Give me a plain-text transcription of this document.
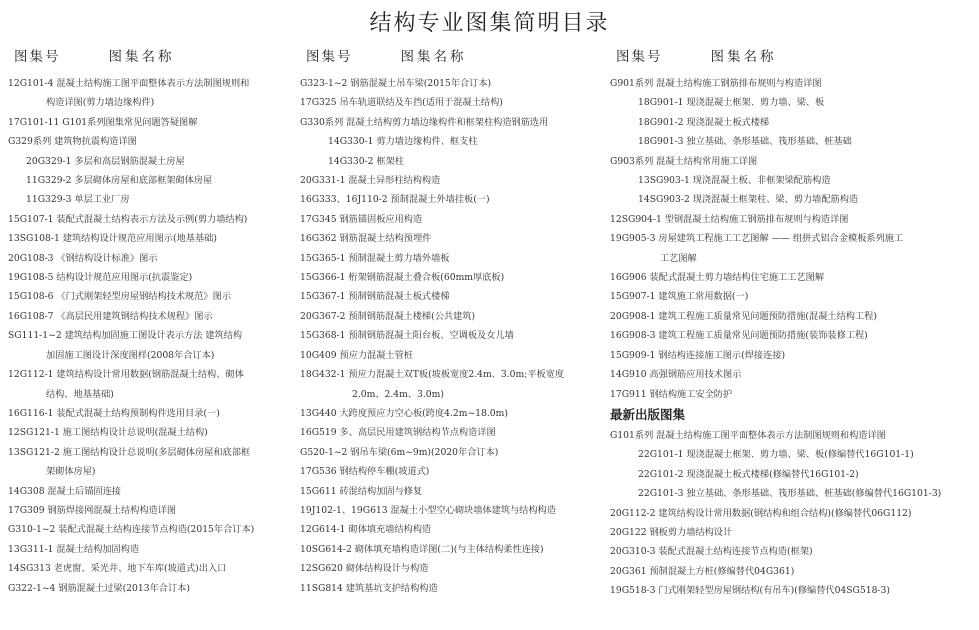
结构专业图集简明目录
图集号	图集名称
12G101-4 混凝土结构施工图平面整体表示方法制图规则和
构造详图(剪力墙边缘构件)
17G101-11 G101系列图集常见问题答疑图解
G329系列 建筑物抗震构造详图
20G329-1 多层和高层钢筋混凝土房屋
11G329-2 多层砌体房屋和底部框架砌体房屋
11G329-3 单层工业厂房
15G107-1 装配式混凝土结构表示方法及示例(剪力墙结构)
13SG108-1 建筑结构设计规范应用图示(地基基础)
20G108-3 《钢结构设计标准》图示
19G108-5 结构设计规范应用图示(抗震鉴定)
15G108-6 《门式刚架轻型房屋钢结构技术规范》图示
16G108-7 《高层民用建筑钢结构技术规程》图示
SG111-1~2 建筑结构加固施工图设计表示方法 建筑结构
加固施工图设计深度图样(2008年合订本)
12G112-1 建筑结构设计常用数据(钢筋混凝土结构、砌体
结构、地基基础)
16G116-1 装配式混凝土结构预制构件选用目录(一)
12SG121-1 施工图结构设计总说明(混凝土结构)
13SG121-2 施工图结构设计总说明(多层砌体房屋和底部框
架砌体房屋)
14G308 混凝土后锚固连接
17G309 钢筋焊接网混凝土结构构造详图
G310-1~2 装配式混凝土结构连接节点构造(2015年合订本)
13G311-1 混凝土结构加固构造
14SG313 老虎窗、采光井、地下车库(坡道式)出入口
G322-1~4 钢筋混凝土过梁(2013年合订本)
图集号	图集名称
G323-1~2 钢筋混凝土吊车梁(2015年合订本)
17G325 吊车轨道联结及车挡(适用于混凝土结构)
G330系列 混凝土结构剪力墙边缘构件和框架柱构造钢筋选用
14G330-1 剪力墙边缘构件、框支柱
14G330-2 框架柱
20G331-1 混凝土异形柱结构构造
16G333、16J110-2 预制混凝土外墙挂板(一)
17G345 钢筋锚固板应用构造
16G362 钢筋混凝土结构预埋件
15G365-1 预制混凝土剪力墙外墙板
15G366-1 桁架钢筋混凝土叠合板(60mm厚底板)
15G367-1 预制钢筋混凝土板式楼梯
20G367-2 预制钢筋混凝土楼梯(公共建筑)
15G368-1 预制钢筋混凝土阳台板、空调板及女儿墙
10G409 预应力混凝土管桩
18G432-1 预应力混凝土双T板(坡板宽度2.4m、3.0m;平板宽度
2.0m、2.4m、3.0m)
13G440 大跨度预应力空心板(跨度4.2m~18.0m)
16G519 多、高层民用建筑钢结构节点构造详图
G520-1~2 钢吊车梁(6m~9m)(2020年合订本)
17G536 钢结构停车棚(坡道式)
15G611 砖混结构加固与修复
19J102-1、19G613 混凝土小型空心砌块墙体建筑与结构构造
12G614-1 砌体填充墙结构构造
10SG614-2 砌体填充墙构造详图(二)(与主体结构柔性连接)
12SG620 砌体结构设计与构造
11SG814 建筑基坑支护结构构造
图集号	图集名称
G901系列 混凝土结构施工钢筋排布规则与构造详图
18G901-1 现浇混凝土框架、剪力墙、梁、板
18G901-2 现浇混凝土板式楼梯
18G901-3 独立基础、条形基础、筏形基础、桩基础
G903系列 混凝土结构常用施工详图
13SG903-1 现浇混凝土板、非框架梁配筋构造
14SG903-2 现浇混凝土框架柱、梁、剪力墙配筋构造
12SG904-1 型钢混凝土结构施工钢筋排布规则与构造详图
19G905-3 房屋建筑工程施工工艺图解 —— 组拼式铝合金模板系列施工
工艺图解
16G906 装配式混凝土剪力墙结构住宅施工工艺图解
15G907-1 建筑施工常用数据(一)
20G908-1 建筑工程施工质量常见问题预防措施(混凝土结构工程)
16G908-3 建筑工程施工质量常见问题预防措施(装饰装修工程)
15G909-1 钢结构连接施工图示(焊接连接)
14G910 高强钢筋应用技术图示
17G911 钢结构施工安全防护
最新出版图集
G101系列 混凝土结构施工图平面整体表示方法制图规则和构造详图
22G101-1 现浇混凝土框架、剪力墙、梁、板(修编替代16G101-1)
22G101-2 现浇混凝土板式楼梯(修编替代16G101-2)
22G101-3 独立基础、条形基础、筏形基础、桩基础(修编替代16G101-3)
20G112-2 建筑结构设计常用数据(钢结构和组合结构)(修编替代06G112)
20G122 钢板剪力墙结构设计
20G310-3 装配式混凝土结构连接节点构造(框架)
20G361 预制混凝土方桩(修编替代04G361)
19G518-3 门式刚架轻型房屋钢结构(有吊车)(修编替代04SG518-3)
